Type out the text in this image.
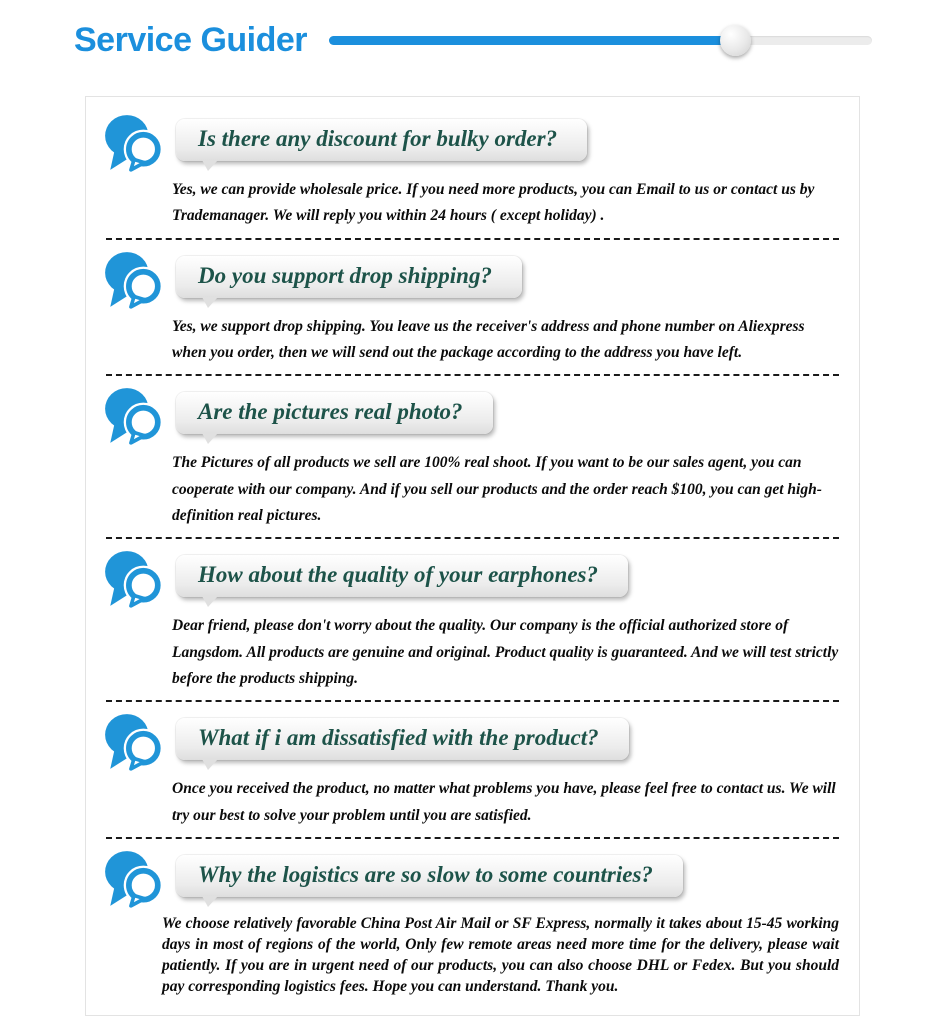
Service Guider
Is there any discount for bulky order?

Yes, we can provide wholesale price. If you need more products, you can Email to us or contact us by Trademanager. We will reply you within 24 hours ( except holiday) .

Do you support drop shipping?

Yes, we support drop shipping. You leave us the receiver's address and phone number on Aliexpress when you order, then we will send out the package according to the address you have left.

Are the pictures real photo?

The Pictures of all products we sell are 100% real shoot. If you want to be our sales agent, you can cooperate with our company. And if you sell our products and the order reach $100, you can get high-definition real pictures.

How about the quality of your earphones?

Dear friend, please don't worry about the quality. Our company is the official authorized store of Langsdom. All products are genuine and original. Product quality is guaranteed. And we will test strictly before the products shipping.

What if i am dissatisfied with the product?

Once you received the product, no matter what problems you have, please feel free to contact us. We will try our best to solve your problem until you are satisfied.

Why the logistics are so slow to some countries?

We choose relatively favorable China Post Air Mail or SF Express, normally it takes about 15-45 working days in most of regions of the world, Only few remote areas need more time for the delivery, please wait patiently. If you are in urgent need of our products, you can also choose DHL or Fedex. But you should pay corresponding logistics fees. Hope you can understand. Thank you.
